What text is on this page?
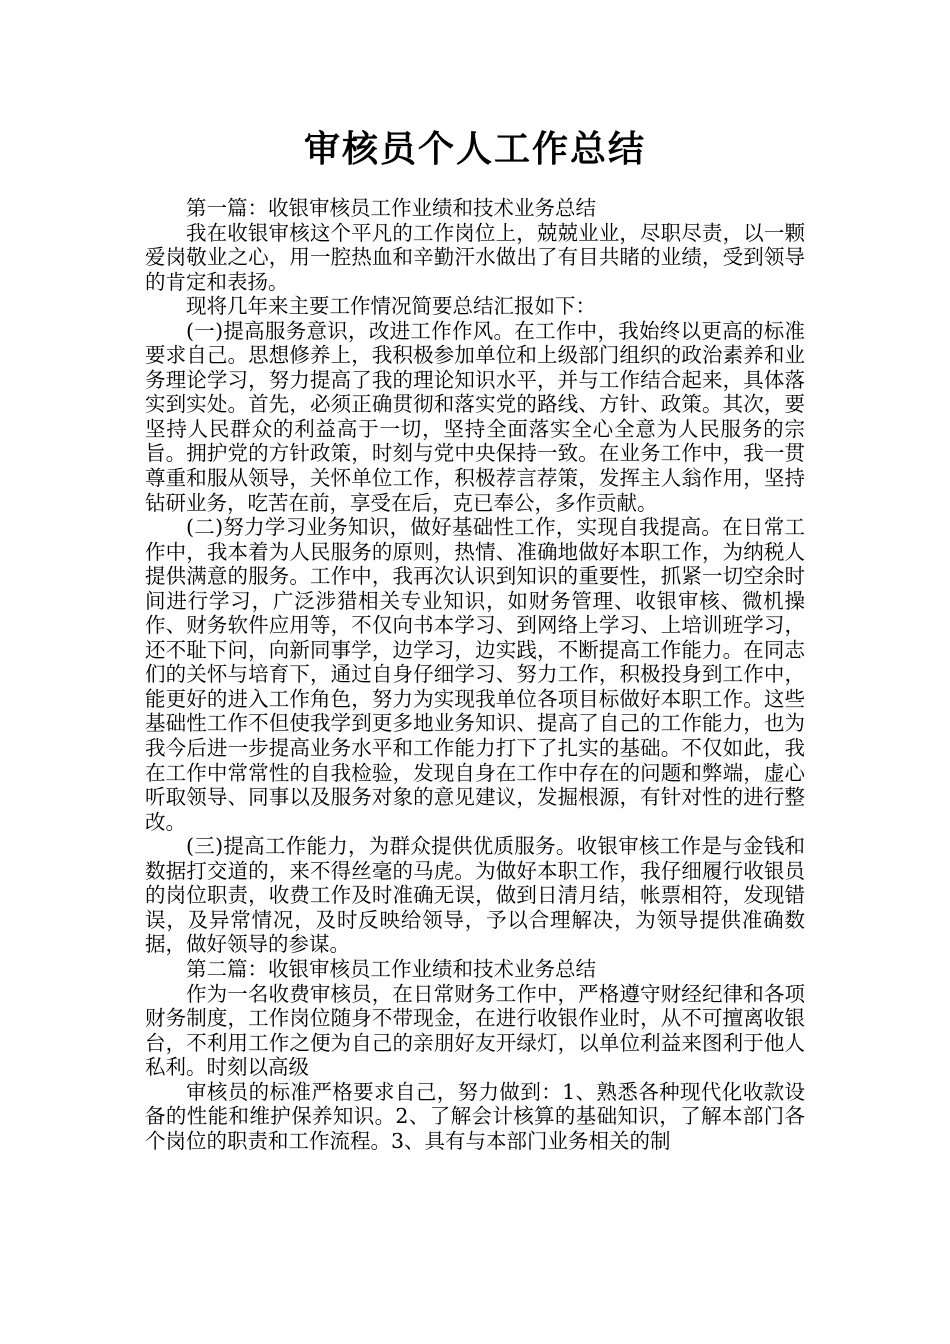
审核员个人工作总结

第一篇：收银审核员工作业绩和技术业务总结

我在收银审核这个平凡的工作岗位上，兢兢业业，尽职尽责，以一颗爱岗敬业之心，用一腔热血和辛勤汗水做出了有目共睹的业绩，受到领导的肯定和表扬。

现将几年来主要工作情况简要总结汇报如下：

(一)提高服务意识，改进工作作风。在工作中，我始终以更高的标准要求自己。思想修养上，我积极参加单位和上级部门组织的政治素养和业务理论学习，努力提高了我的理论知识水平，并与工作结合起来，具体落实到实处。首先，必须正确贯彻和落实党的路线、方针、政策。其次，要坚持人民群众的利益高于一切，坚持全面落实全心全意为人民服务的宗旨。拥护党的方针政策，时刻与党中央保持一致。在业务工作中，我一贯尊重和服从领导，关怀单位工作，积极荐言荐策，发挥主人翁作用，坚持钻研业务，吃苦在前，享受在后，克已奉公，多作贡献。

(二)努力学习业务知识，做好基础性工作，实现自我提高。在日常工作中，我本着为人民服务的原则，热情、准确地做好本职工作，为纳税人提供满意的服务。工作中，我再次认识到知识的重要性，抓紧一切空余时间进行学习，广泛涉猎相关专业知识，如财务管理、收银审核、微机操作、财务软件应用等，不仅向书本学习、到网络上学习、上培训班学习，还不耻下问，向新同事学，边学习，边实践，不断提高工作能力。在同志们的关怀与培育下，通过自身仔细学习、努力工作，积极投身到工作中，能更好的进入工作角色，努力为实现我单位各项目标做好本职工作。这些基础性工作不但使我学到更多地业务知识、提高了自己的工作能力，也为我今后进一步提高业务水平和工作能力打下了扎实的基础。不仅如此，我在工作中常常性的自我检验，发现自身在工作中存在的问题和弊端，虚心听取领导、同事以及服务对象的意见建议，发掘根源，有针对性的进行整改。

(三)提高工作能力，为群众提供优质服务。收银审核工作是与金钱和数据打交道的，来不得丝毫的马虎。为做好本职工作，我仔细履行收银员的岗位职责，收费工作及时准确无误，做到日清月结，帐票相符，发现错误，及异常情况，及时反映给领导，予以合理解决，为领导提供准确数据，做好领导的参谋。

第二篇：收银审核员工作业绩和技术业务总结

作为一名收费审核员，在日常财务工作中，严格遵守财经纪律和各项财务制度，工作岗位随身不带现金，在进行收银作业时，从不可擅离收银台，不利用工作之便为自己的亲朋好友开绿灯，以单位利益来图利于他人私利。时刻以高级

审核员的标准严格要求自己，努力做到：1、熟悉各种现代化收款设备的性能和维护保养知识。2、了解会计核算的基础知识，了解本部门各个岗位的职责和工作流程。3、具有与本部门业务相关的制
